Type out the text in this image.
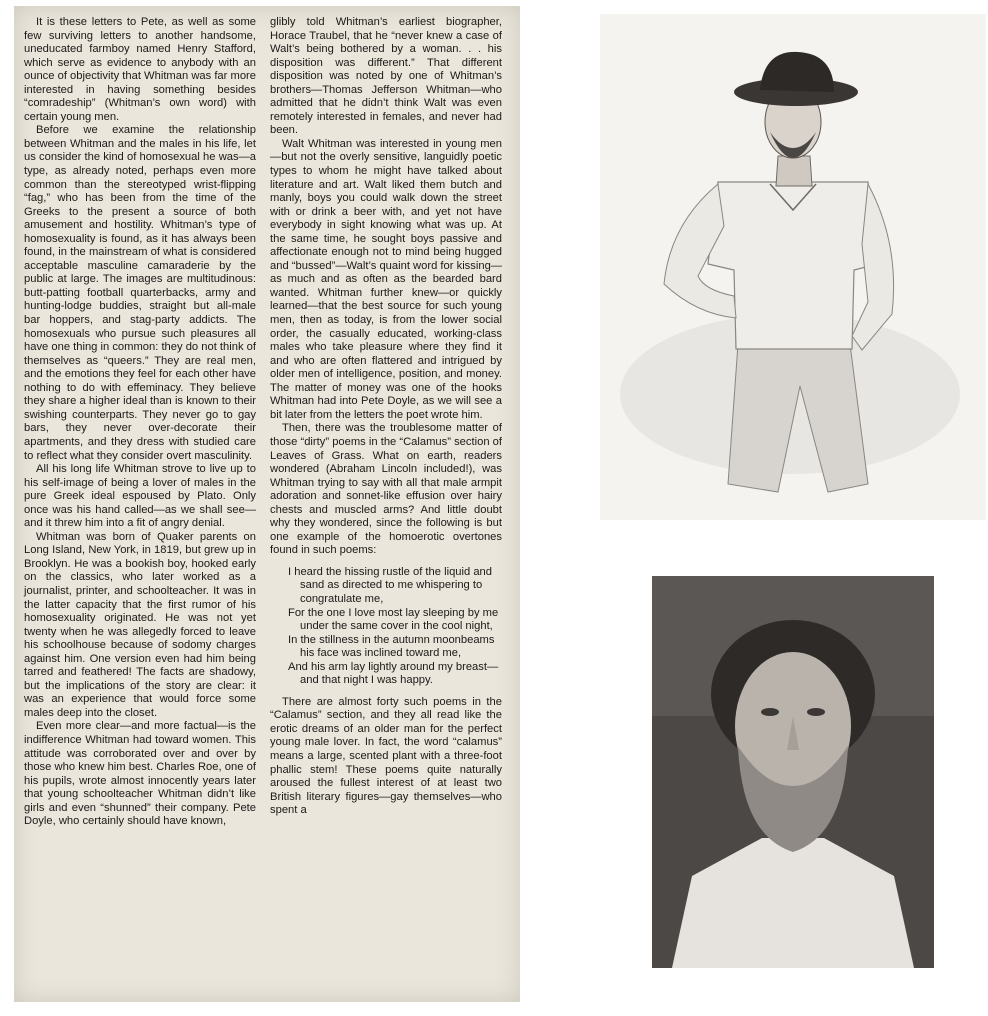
It is these letters to Pete, as well as some few surviving letters to another handsome, uneducated farmboy named Henry Stafford, which serve as evidence to anybody with an ounce of objectivity that Whitman was far more interested in having something besides “comradeship” (Whitman’s own word) with certain young men.

Before we examine the relationship between Whitman and the males in his life, let us consider the kind of homosexual he was—a type, as already noted, perhaps even more common than the stereotyped wrist-flipping “fag,” who has been from the time of the Greeks to the present a source of both amusement and hostility. Whitman’s type of homosexuality is found, as it has always been found, in the mainstream of what is considered acceptable masculine camaraderie by the public at large. The images are multitudinous: butt-patting football quarterbacks, army and hunting-lodge buddies, straight but all-male bar hoppers, and stag-party addicts. The homosexuals who pursue such pleasures all have one thing in common: they do not think of themselves as “queers.” They are real men, and the emotions they feel for each other have nothing to do with effeminacy. They believe they share a higher ideal than is known to their swishing counterparts. They never go to gay bars, they never over-decorate their apartments, and they dress with studied care to reflect what they consider overt masculinity.

All his long life Whitman strove to live up to his self-image of being a lover of males in the pure Greek ideal espoused by Plato. Only once was his hand called—as we shall see—and it threw him into a fit of angry denial.

Whitman was born of Quaker parents on Long Island, New York, in 1819, but grew up in Brooklyn. He was a bookish boy, hooked early on the classics, who later worked as a journalist, printer, and schoolteacher. It was in the latter capacity that the first rumor of his homosexuality originated. He was not yet twenty when he was allegedly forced to leave his schoolhouse because of sodomy charges against him. One version even had him being tarred and feathered! The facts are shadowy, but the implications of the story are clear: it was an experience that would force some males deep into the closet.

Even more clear—and more factual—is the indifference Whitman had toward women. This attitude was corroborated over and over by those who knew him best. Charles Roe, one of his pupils, wrote almost innocently years later that young schoolteacher Whitman didn’t like girls and even “shunned” their company. Pete Doyle, who certainly should have known,

glibly told Whitman’s earliest biographer, Horace Traubel, that he “never knew a case of Walt’s being bothered by a woman. . . his disposition was different.” That different disposition was noted by one of Whitman’s brothers—Thomas Jefferson Whitman—who admitted that he didn’t think Walt was even remotely interested in females, and never had been.

Walt Whitman was interested in young men—but not the overly sensitive, languidly poetic types to whom he might have talked about literature and art. Walt liked them butch and manly, boys you could walk down the street with or drink a beer with, and yet not have everybody in sight knowing what was up. At the same time, he sought boys passive and affectionate enough not to mind being hugged and “bussed”—Walt’s quaint word for kissing—as much and as often as the bearded bard wanted. Whitman further knew—or quickly learned—that the best source for such young men, then as today, is from the lower social order, the casually educated, working-class males who take pleasure where they find it and who are often flattered and intrigued by older men of intelligence, position, and money. The matter of money was one of the hooks Whitman had into Pete Doyle, as we will see a bit later from the letters the poet wrote him.

Then, there was the troublesome matter of those “dirty” poems in the “Calamus” section of Leaves of Grass. What on earth, readers wondered (Abraham Lincoln included!), was Whitman trying to say with all that male armpit adoration and sonnet-like effusion over hairy chests and muscled arms? And little doubt why they wondered, since the following is but one example of the homoerotic overtones found in such poems:

I heard the hissing rustle of the liquid and sand as directed to me whispering to congratulate me,

For the one I love most lay sleeping by me under the same cover in the cool night,

In the stillness in the autumn moonbeams his face was inclined toward me,

And his arm lay lightly around my breast—and that night I was happy.

There are almost forty such poems in the “Calamus” section, and they all read like the erotic dreams of an older man for the perfect young male lover. In fact, the word “calamus” means a large, scented plant with a three-foot phallic stem! These poems quite naturally aroused the fullest interest of at least two British literary figures—gay themselves—who spent a
